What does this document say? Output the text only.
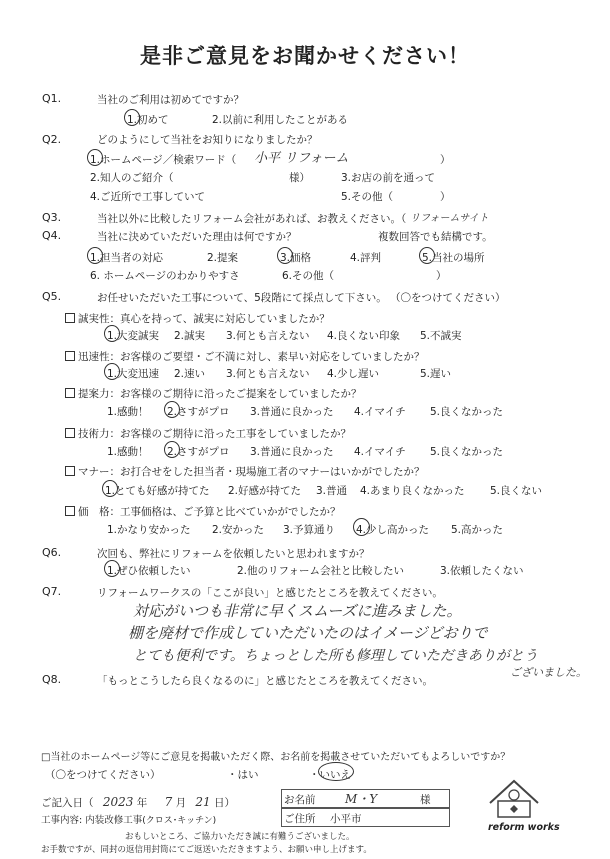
是非ご意見をお聞かせください！
Q1.	当社のご利用は初めてですか？
1.初めて	2.以前に利用したことがある
Q2.	どのようにして当社をお知りになりましたか？
1.ホームページ／検索ワード（ 小平 リフォーム	）
2.知人のご紹介（	様）	3.お店の前を通って
4.ご近所で工事していて	5.その他（	）
Q3.	当社以外に比較したリフォーム会社があれば、お教えください。（ リフォームサイト
Q4.	当社に決めていただいた理由は何ですか？	複数回答でも結構です。
1.担当者の対応	2.提案	3.価格	4.評判	5.当社の場所
6. ホームページのわかりやすさ	6.その他（	）
Q5.	お任せいただいた工事について、5段階にて採点して下さい。 （〇をつけてください）
誠実性：真心を持って、誠実に対応していましたか？
1.大変誠実 2.誠実 3.何とも言えない 4.良くない印象 5.不誠実
迅速性：お客様のご要望・ご不満に対し、素早い対応をしていましたか？
1.大変迅速 2.速い 3.何とも言えない 4.少し遅い	5.遅い
提案力：お客様のご期待に沿ったご提案をしていましたか？
1.感動！ 2.さすがプロ 3.普通に良かった 4.イマイチ 5.良くなかった
技術力：お客様のご期待に沿った工事をしていましたか？
1.感動！ 2.さすがプロ 3.普通に良かった 4.イマイチ 5.良くなかった
マナー：お打合せをした担当者・現場施工者のマナーはいかがでしたか？
1.とても好感が持てた 2.好感が持てた 3.普通 4.あまり良くなかった 5.良くない
価　格：工事価格は、ご予算と比べていかがでしたか？
1.かなり安かった 2.安かった 3.予算通り 4.少し高かった 5.高かった
Q6.	次回も、弊社にリフォームを依頼したいと思われますか？
1.ぜひ依頼したい	2.他のリフォーム会社と比較したい	3.依頼したくない
Q7.	リフォームワークスの「ここが良い」と感じたところを教えてください。
対応がいつも非常に早くスムーズに進みました。
棚を廃材で作成していただいたのはイメージどおりで
とても便利です。ちょっとした所も修理していただきありがとう
ございました。
Q8.	「もっとこうしたら良くなるのに」と感じたところを教えてください。
□当社のホームページ等にご意見を掲載いただく際、お名前を掲載させていただいてもよろしいですか？
（〇をつけてください）	・はい	・いいえ
ご記入日（ 2023 年 7 月 21 日）
工事内容: 内装改修工事(クロス･キッチン)
お名前 M・Y	様
ご住所 小平市
おもしいところ、ご協力いただき誠に有難うございました。
お手数ですが、同封の返信用封筒にてご返送いただきますよう、お願い申し上げます。
reform works
